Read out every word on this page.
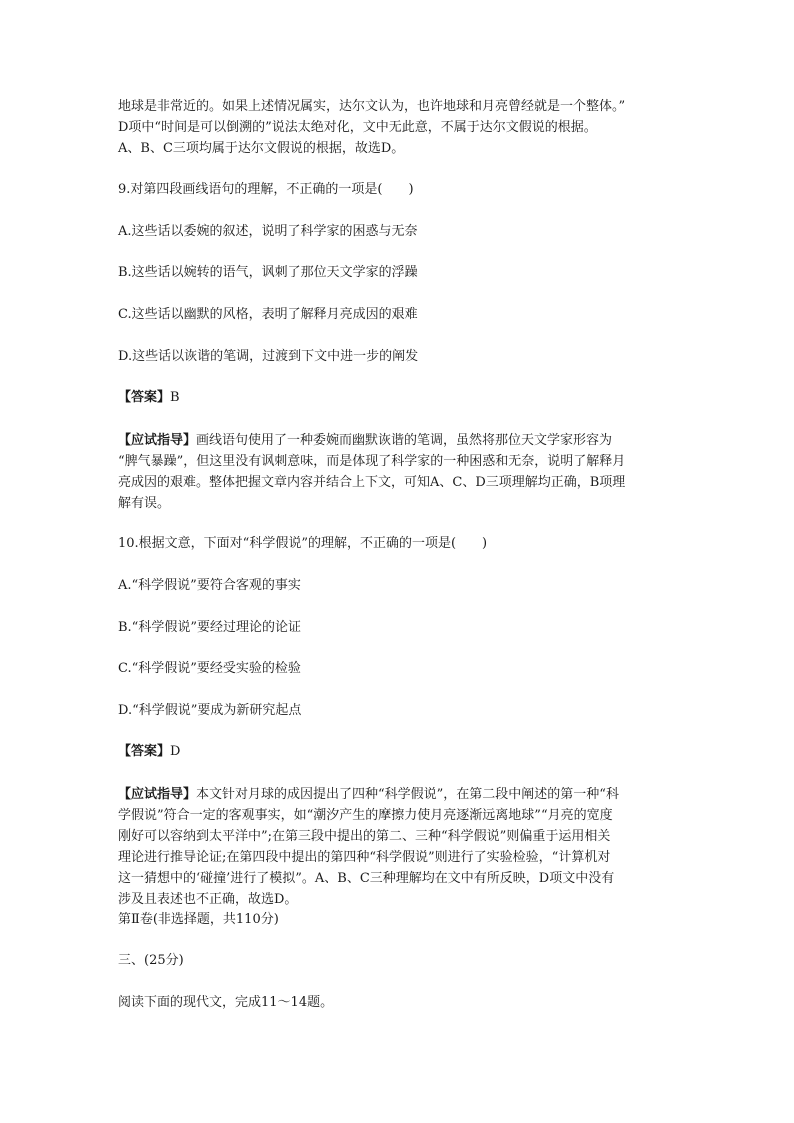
地球是非常近的。如果上述情况属实，达尔文认为，也许地球和月亮曾经就是一个整体。”
D项中“时间是可以倒溯的”说法太绝对化，文中无此意，不属于达尔文假说的根据。
A、B、C三项均属于达尔文假说的根据，故选D。
9.对第四段画线语句的理解，不正确的一项是(　　)
A.这些话以委婉的叙述，说明了科学家的困惑与无奈
B.这些话以婉转的语气，讽刺了那位天文学家的浮躁
C.这些话以幽默的风格，表明了解释月亮成因的艰难
D.这些话以诙谐的笔调，过渡到下文中进一步的阐发
【答案】B
【应试指导】画线语句使用了一种委婉而幽默诙谐的笔调，虽然将那位天文学家形容为
“脾气暴躁”，但这里没有讽刺意味，而是体现了科学家的一种困惑和无奈，说明了解释月
亮成因的艰难。整体把握文章内容并结合上下文，可知A、C、D三项理解均正确，B项理
解有误。
10.根据文意，下面对“科学假说”的理解，不正确的一项是(　　)
A.“科学假说”要符合客观的事实
B.“科学假说”要经过理论的论证
C.“科学假说”要经受实验的检验
D.“科学假说”要成为新研究起点
【答案】D
【应试指导】本文针对月球的成因提出了四种“科学假说”，在第二段中阐述的第一种“科
学假说”符合一定的客观事实，如“潮汐产生的摩擦力使月亮逐渐远离地球”“月亮的宽度
刚好可以容纳到太平洋中”;在第三段中提出的第二、三种“科学假说”则偏重于运用相关
理论进行推导论证;在第四段中提出的第四种“科学假说”则进行了实验检验，“计算机对
这一猜想中的‘碰撞’进行了模拟”。A、B、C三种理解均在文中有所反映，D项文中没有
涉及且表述也不正确，故选D。
第Ⅱ卷(非选择题，共110分)
三、(25分)
阅读下面的现代文，完成11～14题。
